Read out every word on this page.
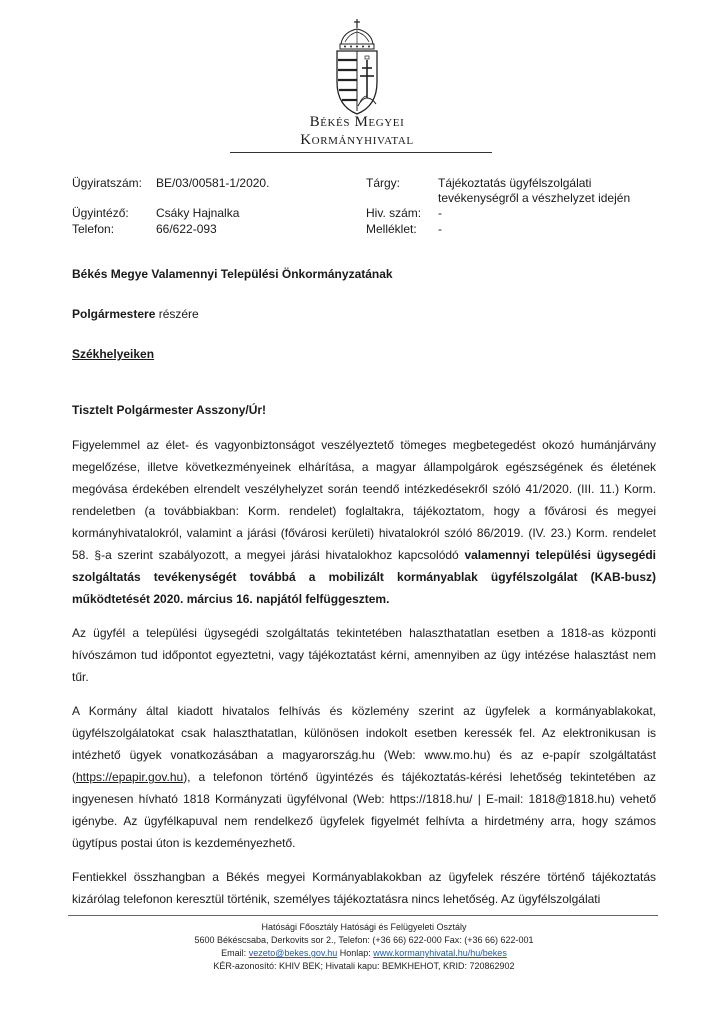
Békés Megyei
Kormányhivatal
Ügyiratszám: BE/03/00581-1/2020.
Ügyintéző: Csáky Hajnalka
Telefon:	66/622-093
Tárgy:	Tájékoztatás ügyfélszolgálati
tevékenységről a vészhelyzet idején
Hiv. szám: -
Melléklet: -
Békés Megye Valamennyi Települési Önkormányzatának
Polgármestere részére
Székhelyeiken
Tisztelt Polgármester Asszony/Úr!

Figyelemmel az élet- és vagyonbiztonságot veszélyeztető tömeges megbetegedést okozó humánjárvány megelőzése, illetve következményeinek elhárítása, a magyar állampolgárok egészségének és életének megóvása érdekében elrendelt veszélyhelyzet során teendő intézkedésekről szóló 41/2020. (III. 11.) Korm. rendeletben (a továbbiakban: Korm. rendelet) foglaltakra, tájékoztatom, hogy a fővárosi és megyei kormányhivatalokról, valamint a járási (fővárosi kerületi) hivatalokról szóló 86/2019. (IV. 23.) Korm. rendelet 58. §-a szerint szabályozott, a megyei járási hivatalokhoz kapcsolódó valamennyi települési ügysegédi szolgáltatás tevékenységét továbbá a mobilizált kormányablak ügyfélszolgálat (KAB-busz) működtetését 2020. március 16. napjától felfüggesztem.

Az ügyfél a települési ügysegédi szolgáltatás tekintetében halaszthatatlan esetben a 1818-as központi hívószámon tud időpontot egyeztetni, vagy tájékoztatást kérni, amennyiben az ügy intézése halasztást nem tűr.

A Kormány által kiadott hivatalos felhívás és közlemény szerint az ügyfelek a kormányablakokat, ügyfélszolgálatokat csak halaszthatatlan, különösen indokolt esetben keressék fel. Az elektronikusan is intézhető ügyek vonatkozásában a magyarország.hu (Web: www.mo.hu) és az e-papír szolgáltatást (https://epapir.gov.hu), a telefonon történő ügyintézés és tájékoztatás-kérési lehetőség tekintetében az ingyenesen hívható 1818 Kormányzati ügyfélvonal (Web: https://1818.hu/ | E-mail: 1818@1818.hu) vehető igénybe. Az ügyfélkapuval nem rendelkező ügyfelek figyelmét felhívta a hirdetmény arra, hogy számos ügytípus postai úton is kezdeményezhető.

Fentiekkel összhangban a Békés megyei Kormányablakokban az ügyfelek részére történő tájékoztatás kizárólag telefonon keresztül történik, személyes tájékoztatásra nincs lehetőség. Az ügyfélszolgálati

Hatósági Főosztály Hatósági és Felügyeleti Osztály
5600 Békéscsaba, Derkovits sor 2., Telefon: (+36 66) 622-000 Fax: (+36 66) 622-001
Email: vezeto@bekes.gov.hu Honlap: www.kormanyhivatal.hu/hu/bekes
KÉR-azonosító: KHIV BEK; Hivatali kapu: BEMKHEHOT, KRID: 720862902
